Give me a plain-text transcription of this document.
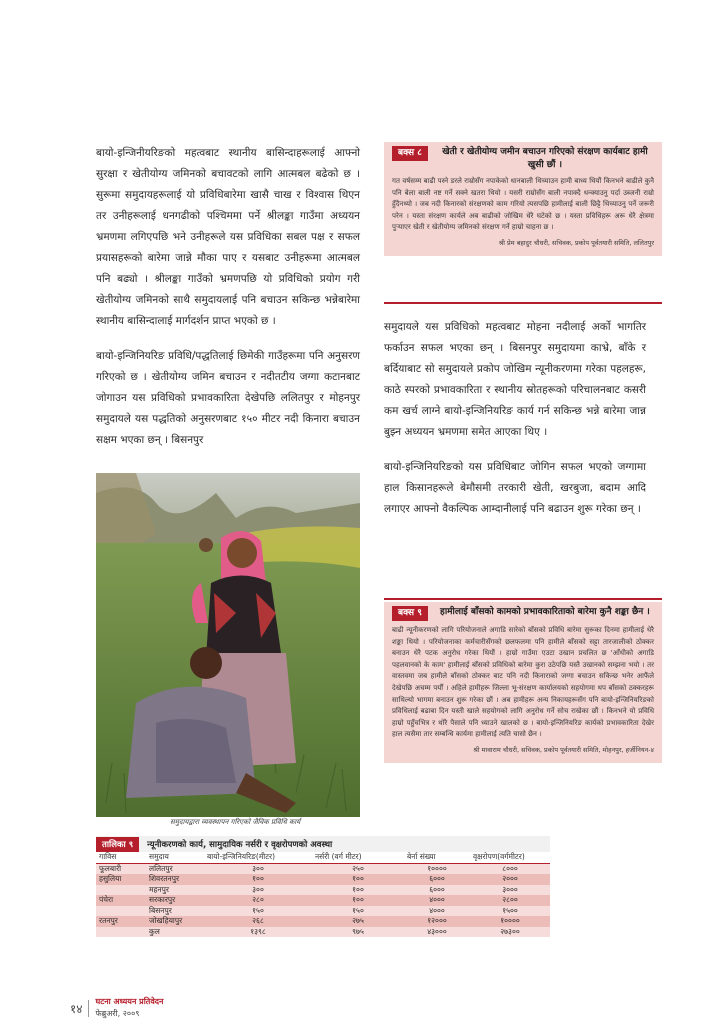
बायो-इन्जिनीयरिङको महत्वबाट स्थानीय बासिन्दाहरूलाई आफ्नो सुरक्षा र खेतीयोग्य जमिनको बचावटको लागि आत्मबल बढेको छ । सुरूमा समुदायहरूलाई यो प्रविधिबारेमा खासै चाख र विश्वास थिएन तर उनीहरूलाई धनगढीको पश्चिममा पर्ने श्रीलङ्का गाउँमा अध्ययन भ्रमणमा लगिएपछि भने उनीहरूले यस प्रविधिका सबल पक्ष र सफल प्रयासहरूको बारेमा जान्ने मौका पाए र यसबाट उनीहरूमा आत्मबल पनि बढ्यो । श्रीलङ्का गाउँको भ्रमणपछि यो प्रविधिको प्रयोग गरी खेतीयोग्य जमिनको साथै समुदायलाई पनि बचाउन सकिन्छ भन्नेबारेमा स्थानीय बासिन्दालाई मार्गदर्शन प्राप्त भएको छ ।

बायो-इन्जिनियरिङ प्रविधि/पद्धतिलाई छिमेकी गाउँहरूमा पनि अनुसरण गरिएको छ । खेतीयोग्य जमिन बचाउन र नदीतटीय जग्गा कटानबाट जोगाउन यस प्रविधिको प्रभावकारिता देखेपछि ललितपुर र मोहनपुर समुदायले यस पद्धतिको अनुसरणबाट १५० मीटर नदी किनारा बचाउन सक्षम भएका छन् । बिसनपुर

बक्स ८	खेती र खेतीयोग्य जमीन बचाउन गरिएको संरक्षण कार्यबाट हामी खुसी छौं ।
गत वर्षसम्म बाढी पस्ने डरले राम्रोसँग नपाकेको धानबाली थिच्याउन हामी बाध्य थियौं किनभने बाढीले कुनै पनि बेला बाली नष्ट गर्ने सक्ने खतरा थियो । यसरी राम्रोसँग बाली नपाक्दै धन्क्याउनु पर्दा उब्जनी राम्रो हुँदैनथ्यो । जब नदी किनारको संरक्षणको काम गरियो त्यसपछि हामीलाई बाली छिट्टै थिच्याउनु पर्ने जरूरी परेन । यस्ता संरक्षण कार्यले अब बाढीको जोखिम धेरै घटेको छ । यस्ता प्रविधिहरू अरू धेरै क्षेत्रमा पुऱ्याएर खेती र खेतीयोग्य जमिनको संरक्षण गर्ने हाम्रो चाहना छ ।
श्री प्रेम बहादुर चौधरी, सचिवक, प्रकोप पूर्वतयारी समिति, ललितपुर

समुदायले यस प्रविधिको महत्वबाट मोहना नदीलाई अर्को भागतिर फर्काउन सफल भएका छन् । बिसनपुर समुदायमा काभ्रे, बाँके र बर्दियाबाट सो समुदायले प्रकोप जोखिम न्यूनीकरणमा गरेका पहलहरू, काठे स्परको प्रभावकारिता र स्थानीय स्रोतहरूको परिचालनबाट कसरी कम खर्च लाग्ने बायो-इन्जिनियरिङ कार्य गर्न सकिन्छ भन्ने बारेमा जान्न बुझ्न अध्ययन भ्रमणमा समेत आएका थिए ।

बायो-इन्जिनियरिङको यस प्रविधिबाट जोगिन सफल भएको जग्गामा हाल किसानहरूले बेमौसमी तरकारी खेती, खरबुजा, बदाम आदि लगाएर आफ्नो वैकल्पिक आम्दानीलाई पनि बढाउन शुरू गरेका छन् ।

बक्स ९	हामीलाई बाँसको कामको प्रभावकारिताको बारेमा कुनै शङ्का छैन ।
बाढी न्यूनीकरणको लागि परियोजनाले अगाडि सारेको बाँसको प्रविधि बारेमा सुरूका दिनमा हामीलाई धेरै शङ्का थियो । परियोजनाका कर्मचारीसँगको छलफलमा पनि हामीले बाँसको सट्टा तारजालीको ठोक्कर बनाउन धेरै पटक अनुरोध गरेका थियौं । हाम्रो गाउँमा एउटा उखान प्रचलित छ 'आँधीको अगाडि पहलवानको के काम' हामीलाई बाँसको प्रविधिको बारेमा कुरा उठेपछि यस्तै उखानको सम्झना भयो । तर वास्तवमा जब हामीले बाँसको ठोक्कर बाट पनि नदी किनाराको जग्गा बचाउन सकिन्छ भनेर आफैंले देखेपछि अचम्म पर्यौं । अहिले हामीहरू जिल्ला भू-संरक्षण कार्यालयको सहयोगमा थप बाँसको ठक्करहरू साथिल्यो भागमा बनाउन शुरू गरेका छौं । अब हामीहरू अन्य निकायहरूसँग पनि बायो-इन्जिनियरिङको प्रविधिलाई बढाबा दिन यस्ती खाले सहयोगको लागि अनुरोध गर्ने सोच राखेका छौं । किनभने यो प्रविधि हाम्रो पहुँचभित्र र थोरै पैसाले पनि ध्याउने खालको छ । बायो-इन्जिनियरिङ कार्यको प्रभावकारिता देखेर हाल त्यसैमा तार सम्बन्धि कार्यमा हामीलाई त्यति चासो छैन ।
श्री मावाराम चौधरी, सचिवक, प्रकोप पूर्वतयारी समिति, मोहनपुर, हर्जीनियन-४
समुदायद्वारा व्यवस्थापन गरिएको जैविक प्रविधि कार्य
तालिका ९	न्यूनीकरणको कार्य, सामुदायिक नर्सरी र वृक्षरोपणको अवस्था
गाविस	समुदाय	बायो-इन्जिनियरिङ(मीटर)	नर्सरी (वर्ग मीटर)	बेर्ना संख्या	वृक्षरोपण(वर्गमीटर)
फूलबारी	ललितपुर	३००	२५०	१००००	८०००
हसुलिया	शिवरतनपुर	१००	१००	६०००	२०००
	महनपुर	३००	१००	६०००	३०००
पंचेरा	सरकारपुर	२८०	१००	४०००	२८००
	बिसनपुर	१५०	१५०	४०००	१५००
रतनपुर	जोखहियापुर	२६८	२७५	१२०००	१००००
	कुल	१३९८	९७५	४३०००	२७३००
१४	घटना अध्ययन प्रतिवेदन
फेब्रुअरी, २००९
